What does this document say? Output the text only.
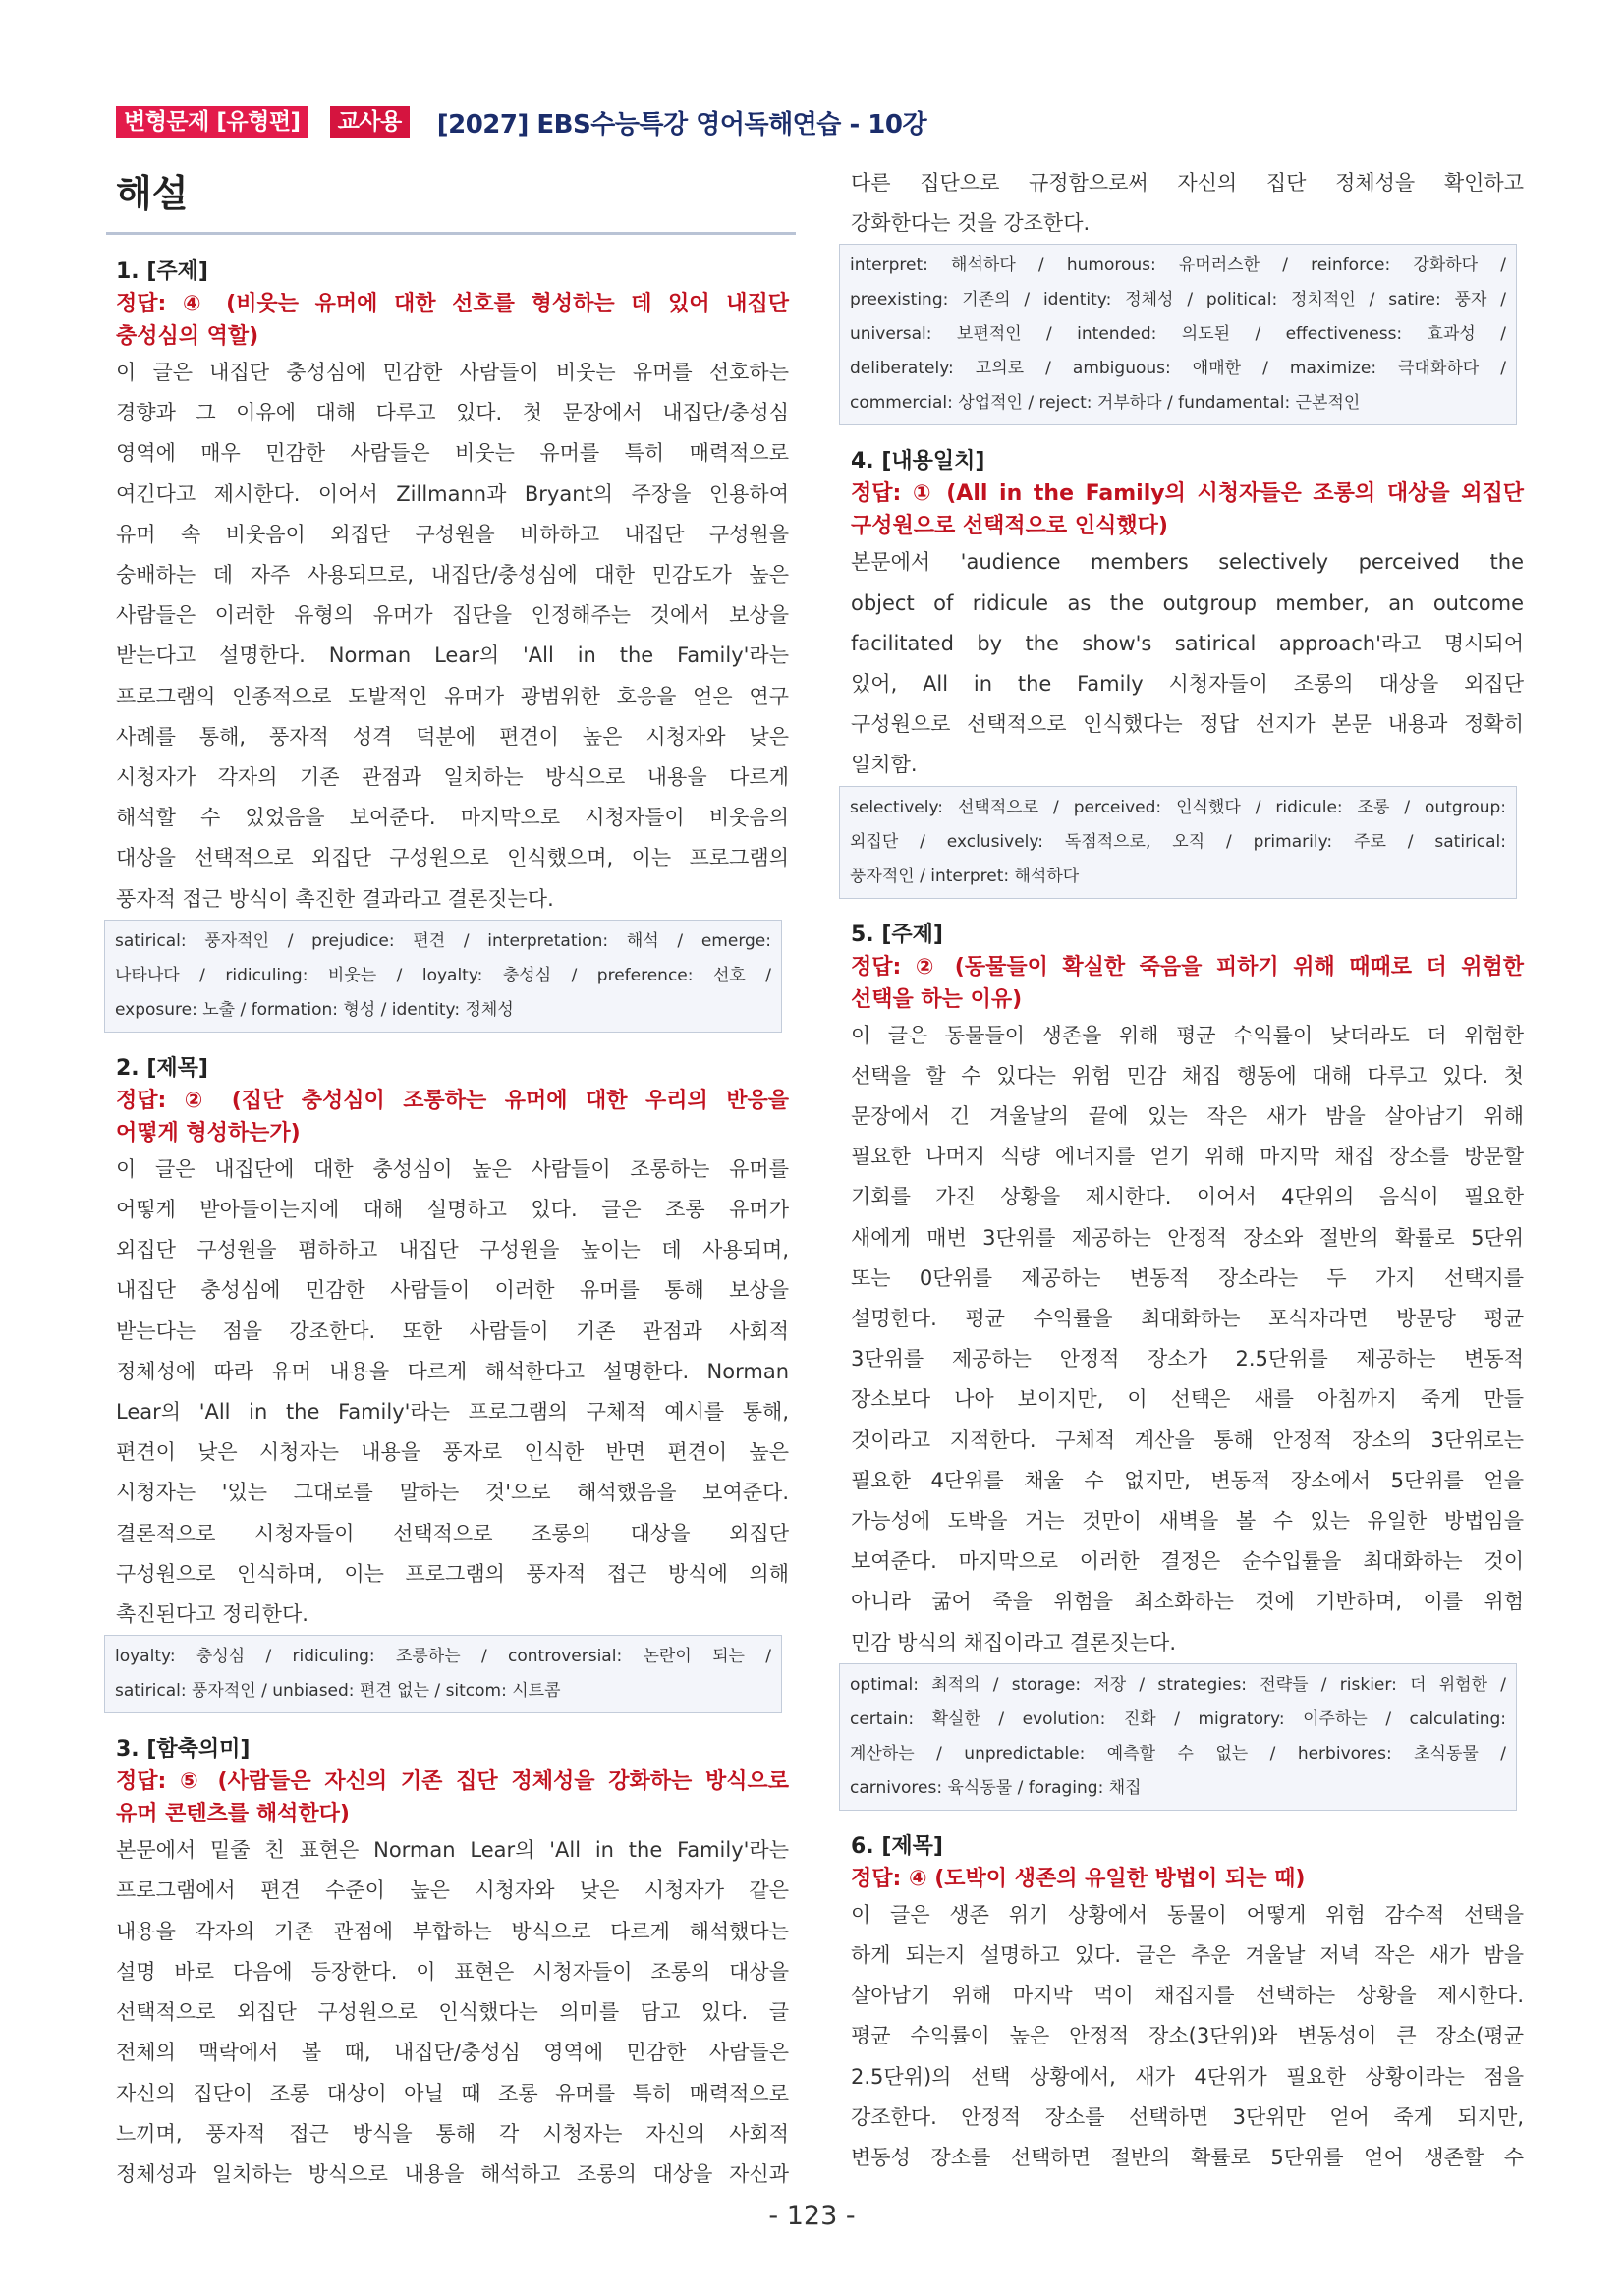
변형문제 [유형편]	교사용	[2027] EBS수능특강 영어독해연습 - 10강
해설
1. [주제]
정답: ④ (비웃는 유머에 대한 선호를 형성하는 데 있어 내집단
충성심의 역할)
이 글은 내집단 충성심에 민감한 사람들이 비웃는 유머를 선호하는
경향과 그 이유에 대해 다루고 있다. 첫 문장에서 내집단/충성심
영역에 매우 민감한 사람들은 비웃는 유머를 특히 매력적으로
여긴다고 제시한다. 이어서 Zillmann과 Bryant의 주장을 인용하여
유머 속 비웃음이 외집단 구성원을 비하하고 내집단 구성원을
숭배하는 데 자주 사용되므로, 내집단/충성심에 대한 민감도가 높은
사람들은 이러한 유형의 유머가 집단을 인정해주는 것에서 보상을
받는다고 설명한다. Norman Lear의 'All in the Family'라는
프로그램의 인종적으로 도발적인 유머가 광범위한 호응을 얻은 연구
사례를 통해, 풍자적 성격 덕분에 편견이 높은 시청자와 낮은
시청자가 각자의 기존 관점과 일치하는 방식으로 내용을 다르게
해석할 수 있었음을 보여준다. 마지막으로 시청자들이 비웃음의
대상을 선택적으로 외집단 구성원으로 인식했으며, 이는 프로그램의
풍자적 접근 방식이 촉진한 결과라고 결론짓는다.
satirical: 풍자적인 / prejudice: 편견 / interpretation: 해석 / emerge:
나타나다 / ridiculing: 비웃는 / loyalty: 충성심 / preference: 선호 /
exposure: 노출 / formation: 형성 / identity: 정체성
2. [제목]
정답: ② (집단 충성심이 조롱하는 유머에 대한 우리의 반응을
어떻게 형성하는가)
이 글은 내집단에 대한 충성심이 높은 사람들이 조롱하는 유머를
어떻게 받아들이는지에 대해 설명하고 있다. 글은 조롱 유머가
외집단 구성원을 폄하하고 내집단 구성원을 높이는 데 사용되며,
내집단 충성심에 민감한 사람들이 이러한 유머를 통해 보상을
받는다는 점을 강조한다. 또한 사람들이 기존 관점과 사회적
정체성에 따라 유머 내용을 다르게 해석한다고 설명한다. Norman
Lear의 'All in the Family'라는 프로그램의 구체적 예시를 통해,
편견이 낮은 시청자는 내용을 풍자로 인식한 반면 편견이 높은
시청자는 '있는 그대로를 말하는 것'으로 해석했음을 보여준다.
결론적으로 시청자들이 선택적으로 조롱의 대상을 외집단
구성원으로 인식하며, 이는 프로그램의 풍자적 접근 방식에 의해
촉진된다고 정리한다.
loyalty: 충성심 / ridiculing: 조롱하는 / controversial: 논란이 되는 /
satirical: 풍자적인 / unbiased: 편견 없는 / sitcom: 시트콤
3. [함축의미]
정답: ⑤ (사람들은 자신의 기존 집단 정체성을 강화하는 방식으로
유머 콘텐츠를 해석한다)
본문에서 밑줄 친 표현은 Norman Lear의 'All in the Family'라는
프로그램에서 편견 수준이 높은 시청자와 낮은 시청자가 같은
내용을 각자의 기존 관점에 부합하는 방식으로 다르게 해석했다는
설명 바로 다음에 등장한다. 이 표현은 시청자들이 조롱의 대상을
선택적으로 외집단 구성원으로 인식했다는 의미를 담고 있다. 글
전체의 맥락에서 볼 때, 내집단/충성심 영역에 민감한 사람들은
자신의 집단이 조롱 대상이 아닐 때 조롱 유머를 특히 매력적으로
느끼며, 풍자적 접근 방식을 통해 각 시청자는 자신의 사회적
정체성과 일치하는 방식으로 내용을 해석하고 조롱의 대상을 자신과
다른 집단으로 규정함으로써 자신의 집단 정체성을 확인하고
강화한다는 것을 강조한다.
interpret: 해석하다 / humorous: 유머러스한 / reinforce: 강화하다 /
preexisting: 기존의 / identity: 정체성 / political: 정치적인 / satire: 풍자 /
universal: 보편적인 / intended: 의도된 / effectiveness: 효과성 /
deliberately: 고의로 / ambiguous: 애매한 / maximize: 극대화하다 /
commercial: 상업적인 / reject: 거부하다 / fundamental: 근본적인
4. [내용일치]
정답: ① (All in the Family의 시청자들은 조롱의 대상을 외집단
구성원으로 선택적으로 인식했다)
본문에서 'audience members selectively perceived the
object of ridicule as the outgroup member, an outcome
facilitated by the show's satirical approach'라고 명시되어
있어, All in the Family 시청자들이 조롱의 대상을 외집단
구성원으로 선택적으로 인식했다는 정답 선지가 본문 내용과 정확히
일치함.
selectively: 선택적으로 / perceived: 인식했다 / ridicule: 조롱 / outgroup:
외집단 / exclusively: 독점적으로, 오직 / primarily: 주로 / satirical:
풍자적인 / interpret: 해석하다
5. [주제]
정답: ② (동물들이 확실한 죽음을 피하기 위해 때때로 더 위험한
선택을 하는 이유)
이 글은 동물들이 생존을 위해 평균 수익률이 낮더라도 더 위험한
선택을 할 수 있다는 위험 민감 채집 행동에 대해 다루고 있다. 첫
문장에서 긴 겨울날의 끝에 있는 작은 새가 밤을 살아남기 위해
필요한 나머지 식량 에너지를 얻기 위해 마지막 채집 장소를 방문할
기회를 가진 상황을 제시한다. 이어서 4단위의 음식이 필요한
새에게 매번 3단위를 제공하는 안정적 장소와 절반의 확률로 5단위
또는 0단위를 제공하는 변동적 장소라는 두 가지 선택지를
설명한다. 평균 수익률을 최대화하는 포식자라면 방문당 평균
3단위를 제공하는 안정적 장소가 2.5단위를 제공하는 변동적
장소보다 나아 보이지만, 이 선택은 새를 아침까지 죽게 만들
것이라고 지적한다. 구체적 계산을 통해 안정적 장소의 3단위로는
필요한 4단위를 채울 수 없지만, 변동적 장소에서 5단위를 얻을
가능성에 도박을 거는 것만이 새벽을 볼 수 있는 유일한 방법임을
보여준다. 마지막으로 이러한 결정은 순수입률을 최대화하는 것이
아니라 굶어 죽을 위험을 최소화하는 것에 기반하며, 이를 위험
민감 방식의 채집이라고 결론짓는다.
optimal: 최적의 / storage: 저장 / strategies: 전략들 / riskier: 더 위험한 /
certain: 확실한 / evolution: 진화 / migratory: 이주하는 / calculating:
계산하는 / unpredictable: 예측할 수 없는 / herbivores: 초식동물 /
carnivores: 육식동물 / foraging: 채집
6. [제목]
정답: ④ (도박이 생존의 유일한 방법이 되는 때)
이 글은 생존 위기 상황에서 동물이 어떻게 위험 감수적 선택을
하게 되는지 설명하고 있다. 글은 추운 겨울날 저녁 작은 새가 밤을
살아남기 위해 마지막 먹이 채집지를 선택하는 상황을 제시한다.
평균 수익률이 높은 안정적 장소(3단위)와 변동성이 큰 장소(평균
2.5단위)의 선택 상황에서, 새가 4단위가 필요한 상황이라는 점을
강조한다. 안정적 장소를 선택하면 3단위만 얻어 죽게 되지만,
변동성 장소를 선택하면 절반의 확률로 5단위를 얻어 생존할 수
- 123 -
